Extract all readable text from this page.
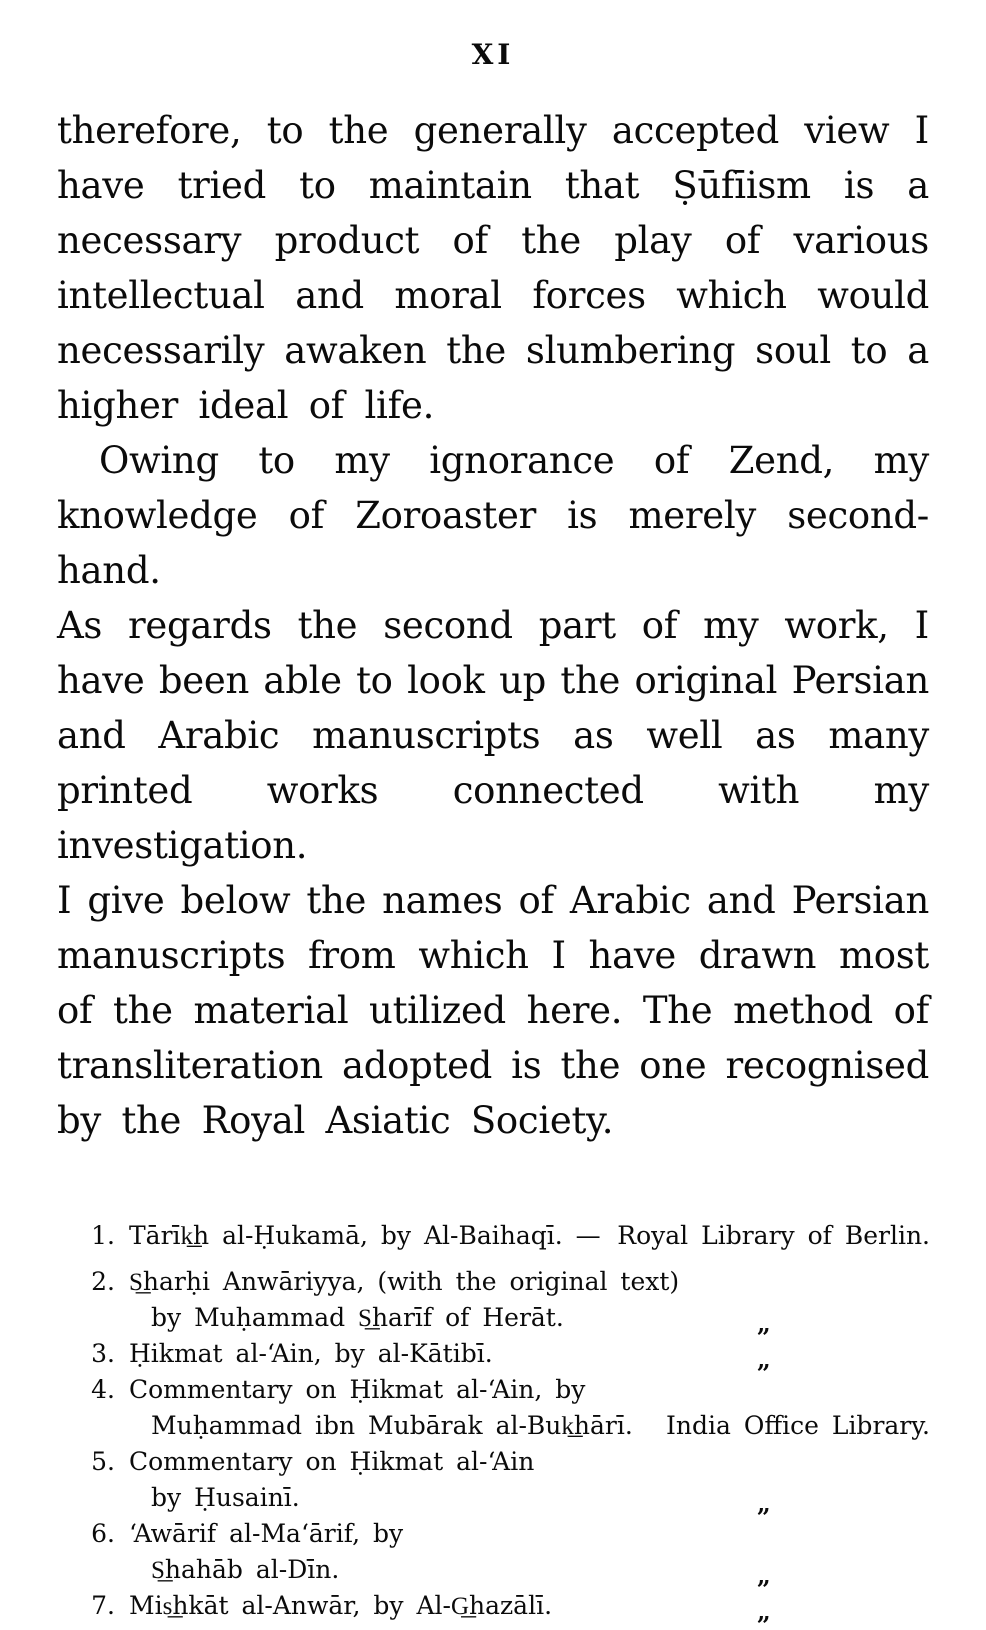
XI
therefore, to the generally accepted view I
have tried to maintain that Ṣūfīism is a
necessary product of the play of various
intellectual and moral forces which would
necessarily awaken the slumbering soul to a
higher ideal of life.
Owing to my ignorance of Zend, my
knowledge of Zoroaster is merely second-hand.
As regards the second part of my work, I
have been able to look up the original Persian
and Arabic manuscripts as well as many
printed works connected with my investigation.
I give below the names of Arabic and Persian
manuscripts from which I have drawn most
of the material utilized here. The method of
transliteration adopted is the one recognised
by the Royal Asiatic Society.
1. Tārīk͟h al-Ḥukamā, by Al-Baihaqī. — Royal Library of Berlin.
2. S͟harḥi Anwāriyya, (with the original text)
by Muḥammad S͟harīf of Herāt.	„
3. Ḥikmat al-ʻAin, by al-Kātibī.	„
4. Commentary on Ḥikmat al-ʻAin, by
Muḥammad ibn Mubārak al-Buk͟hārī. India Office Library.
5. Commentary on Ḥikmat al-ʻAin
by Ḥusainī.	„
6. ʻAwārif al-Maʻārif, by
S͟hahāb al-Dīn.	„
7. Mis͟hkāt al-Anwār, by Al-G͟hazālī.	„
